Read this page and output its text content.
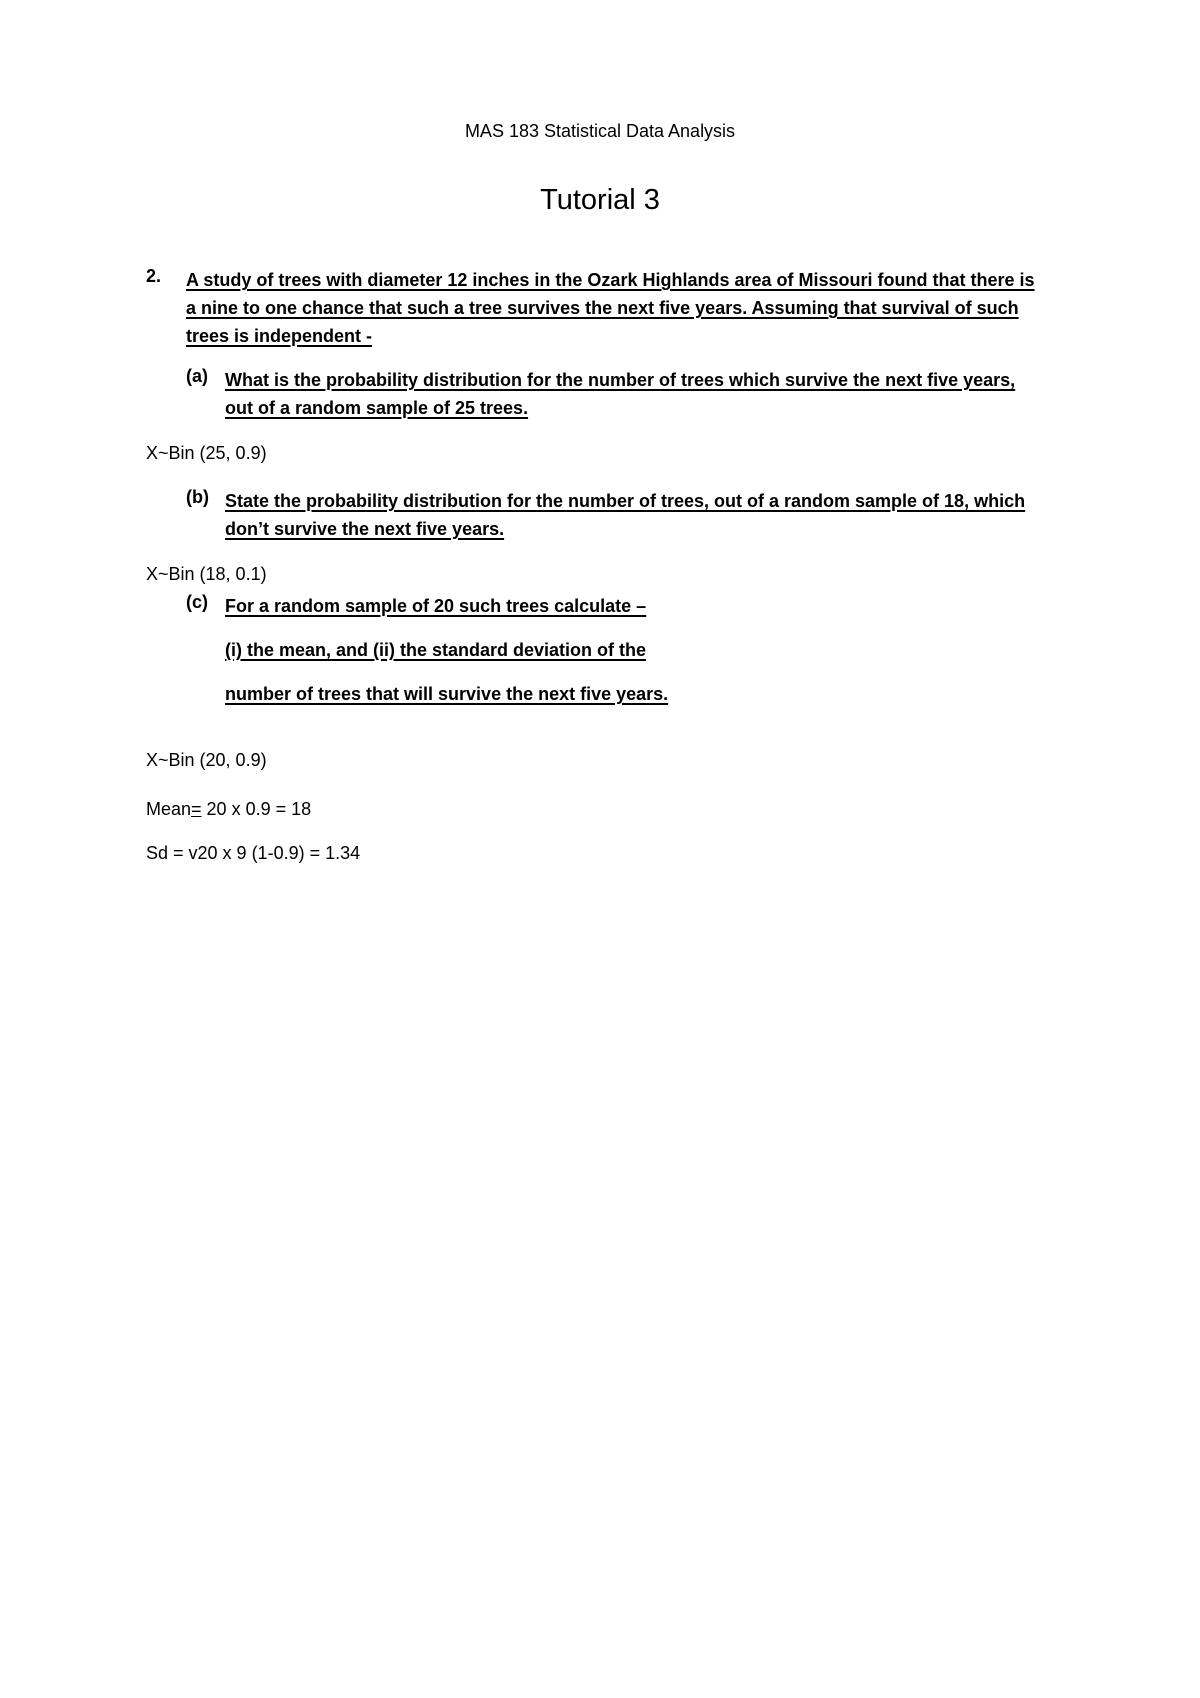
MAS 183 Statistical Data Analysis
Tutorial 3
2. A study of trees with diameter 12 inches in the Ozark Highlands area of Missouri found that there is a nine to one chance that such a tree survives the next five years. Assuming that survival of such trees is independent -
(a) What is the probability distribution for the number of trees which survive the next five years, out of a random sample of 25 trees.
X~Bin (25, 0.9)
(b) State the probability distribution for the number of trees, out of a random sample of 18, which don’t survive the next five years.
X~Bin (18, 0.1)
(c) For a random sample of 20 such trees calculate –
(i) the mean, and (ii) the standard deviation of the
number of trees that will survive the next five years.
X~Bin (20, 0.9)
Mean= 20 x 0.9 = 18
Sd = v20 x 9 (1-0.9) = 1.34
